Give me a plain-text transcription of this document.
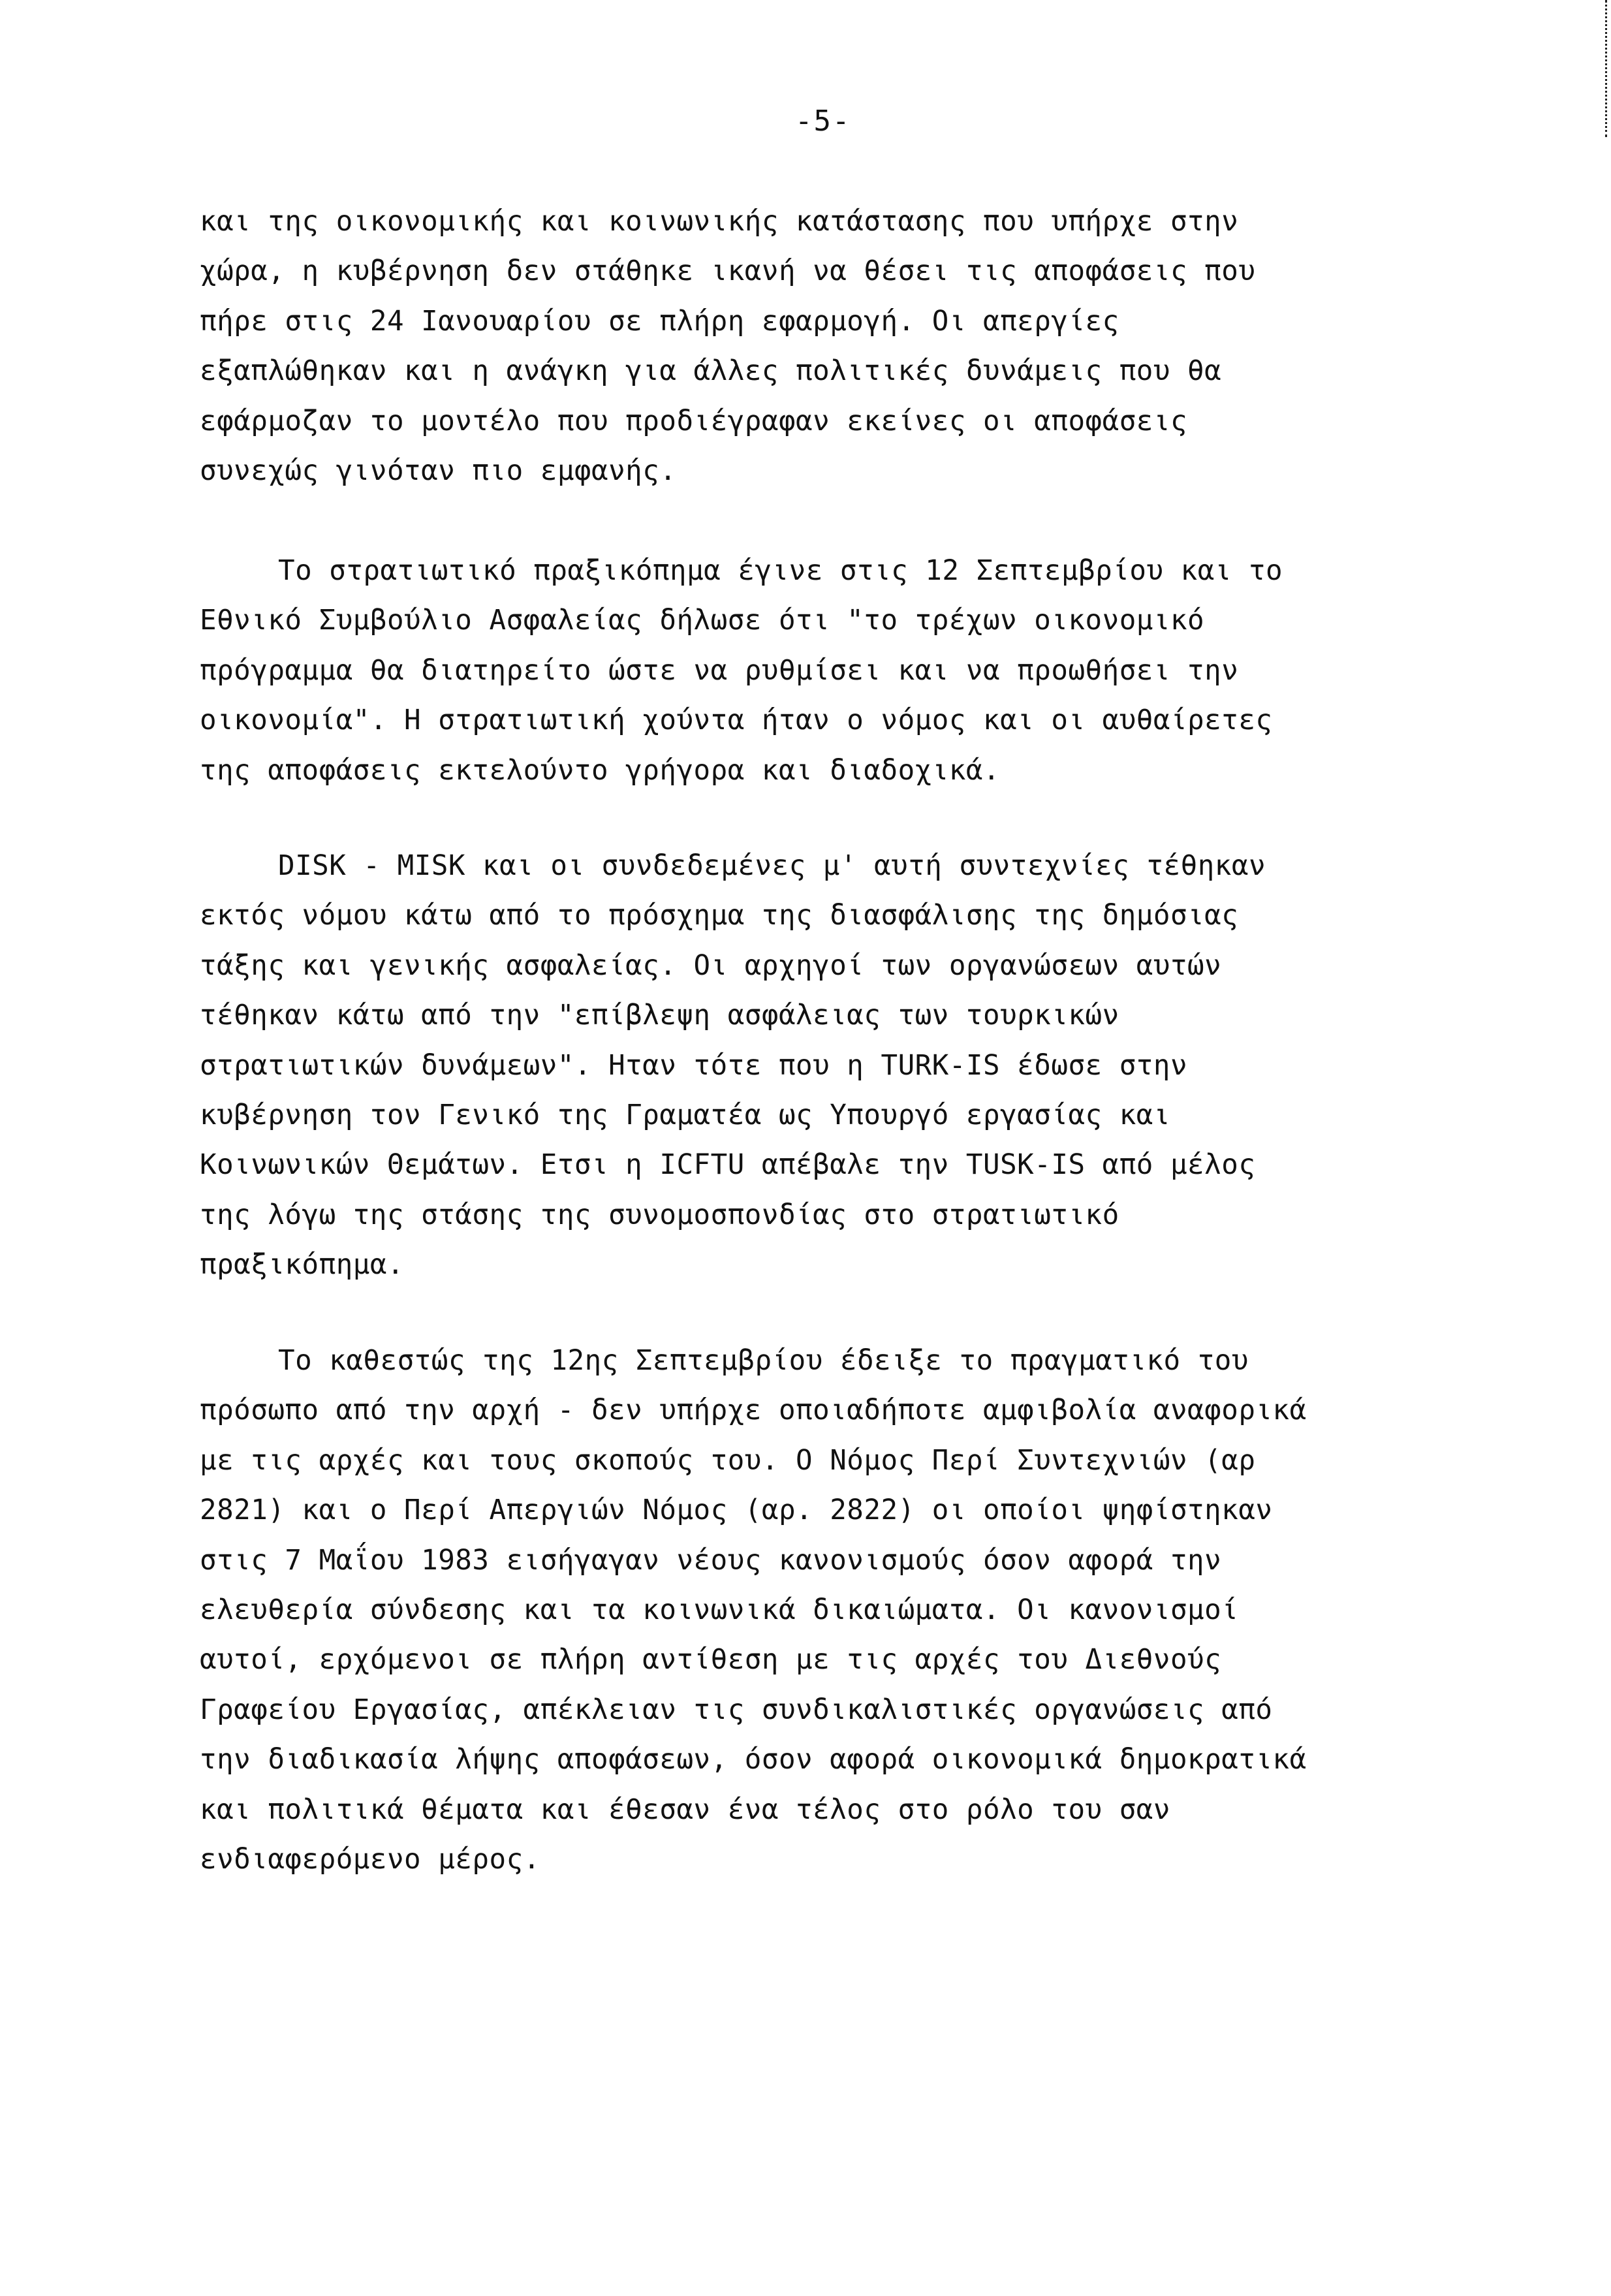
-5-
και της οικονομικής και κοινωνικής κατάστασης που υπήρχε στην
χώρα, η κυβέρνηση δεν στάθηκε ικανή να θέσει τις αποφάσεις που
πήρε στις 24 Ιανουαρίου σε πλήρη εφαρμογή. Οι απεργίες
εξαπλώθηκαν και η ανάγκη για άλλες πολιτικές δυνάμεις που θα
εφάρμοζαν το μοντέλο που προδιέγραφαν εκείνες οι αποφάσεις
συνεχώς γινόταν πιο εμφανής.
Το στρατιωτικό πραξικόπημα έγινε στις 12 Σεπτεμβρίου και το
Εθνικό Συμβούλιο Ασφαλείας δήλωσε ότι "το τρέχων οικονομικό
πρόγραμμα θα διατηρείτο ώστε να ρυθμίσει και να προωθήσει την
οικονομία". Η στρατιωτική χούντα ήταν ο νόμος και οι αυθαίρετες
της αποφάσεις εκτελούντο γρήγορα και διαδοχικά.
DISK - MISK και οι συνδεδεμένες μ' αυτή συντεχνίες τέθηκαν
εκτός νόμου κάτω από το πρόσχημα της διασφάλισης της δημόσιας
τάξης και γενικής ασφαλείας. Οι αρχηγοί των οργανώσεων αυτών
τέθηκαν κάτω από την "επίβλεψη ασφάλειας των τουρκικών
στρατιωτικών δυνάμεων". Ηταν τότε που η TURK-IS έδωσε στην
κυβέρνηση τον Γενικό της Γραματέα ως Υπουργό εργασίας και
Κοινωνικών Θεμάτων. Ετσι η ICFTU απέβαλε την TUSK-IS από μέλος
της λόγω της στάσης της συνομοσπονδίας στο στρατιωτικό
πραξικόπημα.
Το καθεστώς της 12ης Σεπτεμβρίου έδειξε το πραγματικό του
πρόσωπο από την αρχή - δεν υπήρχε οποιαδήποτε αμφιβολία αναφορικά
με τις αρχές και τους σκοπούς του. Ο Νόμος Περί Συντεχνιών (αρ
2821) και ο Περί Απεργιών Νόμος (αρ. 2822) οι οποίοι ψηφίστηκαν
στις 7 Μαΐου 1983 εισήγαγαν νέους κανονισμούς όσον αφορά την
ελευθερία σύνδεσης και τα κοινωνικά δικαιώματα. Οι κανονισμοί
αυτοί, ερχόμενοι σε πλήρη αντίθεση με τις αρχές του Διεθνούς
Γραφείου Εργασίας, απέκλειαν τις συνδικαλιστικές οργανώσεις από
την διαδικασία λήψης αποφάσεων, όσον αφορά οικονομικά δημοκρατικά
και πολιτικά θέματα και έθεσαν ένα τέλος στο ρόλο του σαν
ενδιαφερόμενο μέρος.
